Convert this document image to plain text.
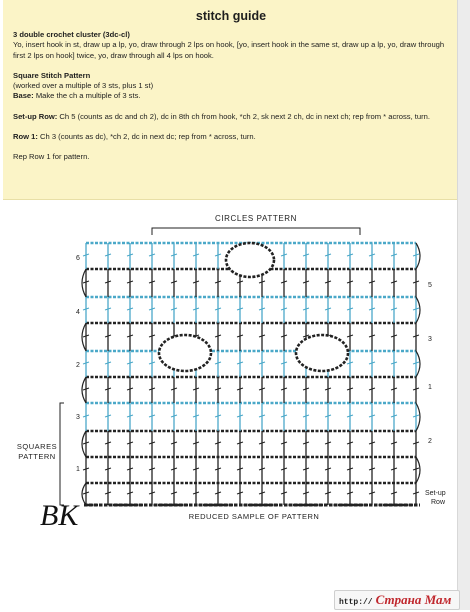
stitch guide

3 double crochet cluster (3dc-cl)

Yo, insert hook in st, draw up a lp, yo, draw through 2 lps on hook, [yo, insert hook in the same st, draw up a lp, yo, draw through first 2 lps on hook] twice, yo, draw through all 4 lps on hook.

Square Stitch Pattern

(worked over a multiple of 3 sts, plus 1 st)

Base: Make the ch a multiple of 3 sts.

Set-up Row: Ch 5 (counts as dc and ch 2), dc in 8th ch from hook, *ch 2, sk next 2 ch, dc in next ch; rep from * across, turn.

Row 1: Ch 3 (counts as dc), *ch 2, dc in next dc; rep from * across, turn.

Rep Row 1 for pattern.

CIRCLES PATTERN
SQUARES
PATTERN
REDUCED SAMPLE OF PATTERN
Set-up
Row
BK
6
4
2
3
1
5
3
1
2
http:// Страна Мам
